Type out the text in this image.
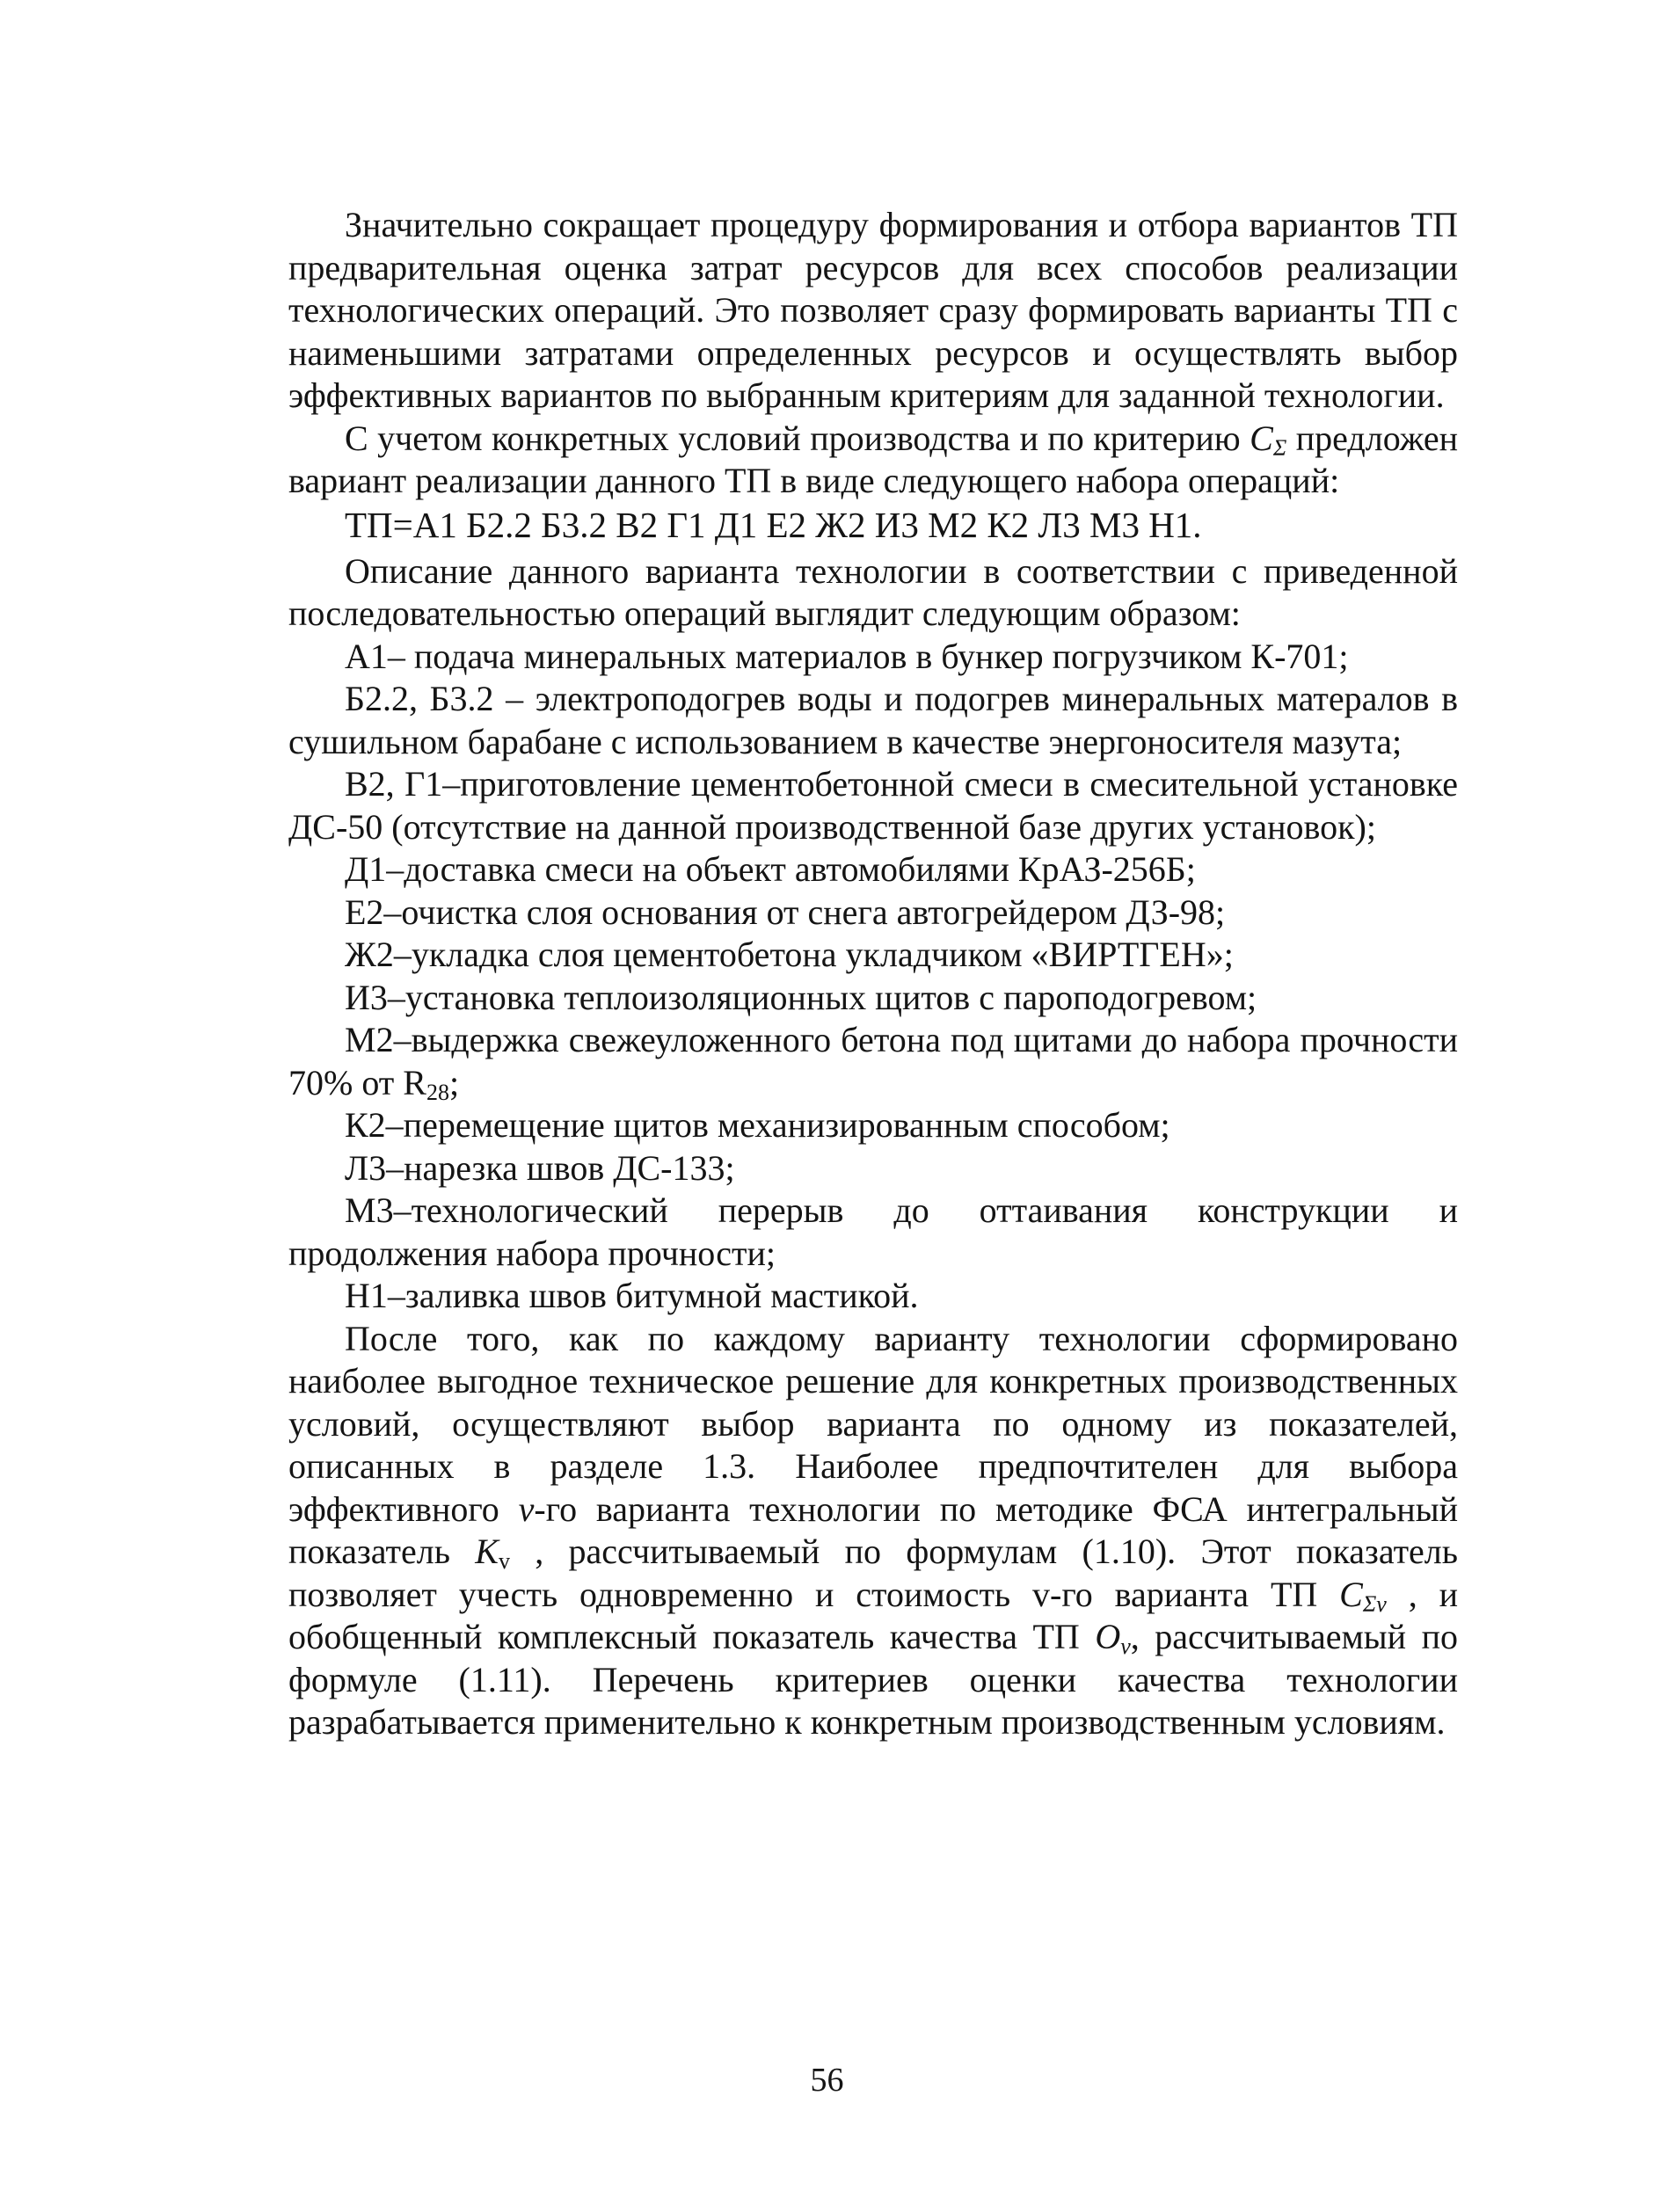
Значительно сокращает процедуру формирования и отбора вариантов ТП предварительная оценка затрат ресурсов для всех способов реализации технологических операций. Это позволяет сразу формировать варианты ТП с наименьшими затратами определенных ресурсов и осуществлять выбор эффективных вариантов по выбранным критериям для заданной технологии.

С учетом конкретных условий производства и по критерию $C_\Sigma$ предложен вариант реализации данного ТП в виде следующего набора операций:

ТП=А1 Б2.2 Б3.2 В2 Г1 Д1 Е2 Ж2 И3 М2 К2 Л3 М3 Н1.

Описание данного варианта технологии в соответствии с приведенной последовательностью операций выглядит следующим образом:

А1– подача минеральных материалов в бункер погрузчиком К-701;

Б2.2, Б3.2 – электроподогрев воды и подогрев минеральных матералов в сушильном барабане с использованием в качестве энергоносителя мазута;

В2, Г1–приготовление цементобетонной смеси в смесительной установке ДС-50 (отсутствие на данной производственной базе других установок);

Д1–доставка смеси на объект автомобилями КрАЗ-256Б;

Е2–очистка слоя основания от снега автогрейдером ДЗ-98;

Ж2–укладка слоя цементобетона укладчиком «ВИРТГЕН»;

И3–установка теплоизоляционных щитов с пароподогревом;

М2–выдержка свежеуложенного бетона под щитами до набора прочности 70% от $R_{28}$;

К2–перемещение щитов механизированным способом;

Л3–нарезка швов ДС-133;

М3–технологический перерыв до оттаивания конструкции и продолжения набора прочности;

Н1–заливка швов битумной мастикой.

После того, как по каждому варианту технологии сформировано наиболее выгодное техническое решение для конкретных производственных условий, осуществляют выбор варианта по одному из показателей, описанных в разделе 1.3. Наиболее предпочтителен для выбора эффективного v-го варианта технологии по методике ФСА интегральный показатель $K_v$ , рассчитываемый по формулам (1.10). Этот показатель позволяет учесть одновременно и стоимость v-го варианта ТП $C_{\Sigma v}$ , и обобщенный комплексный показатель качества ТП $O_v$, рассчитываемый по формуле (1.11). Перечень критериев оценки качества технологии разрабатывается применительно к конкретным производственным условиям.

56
